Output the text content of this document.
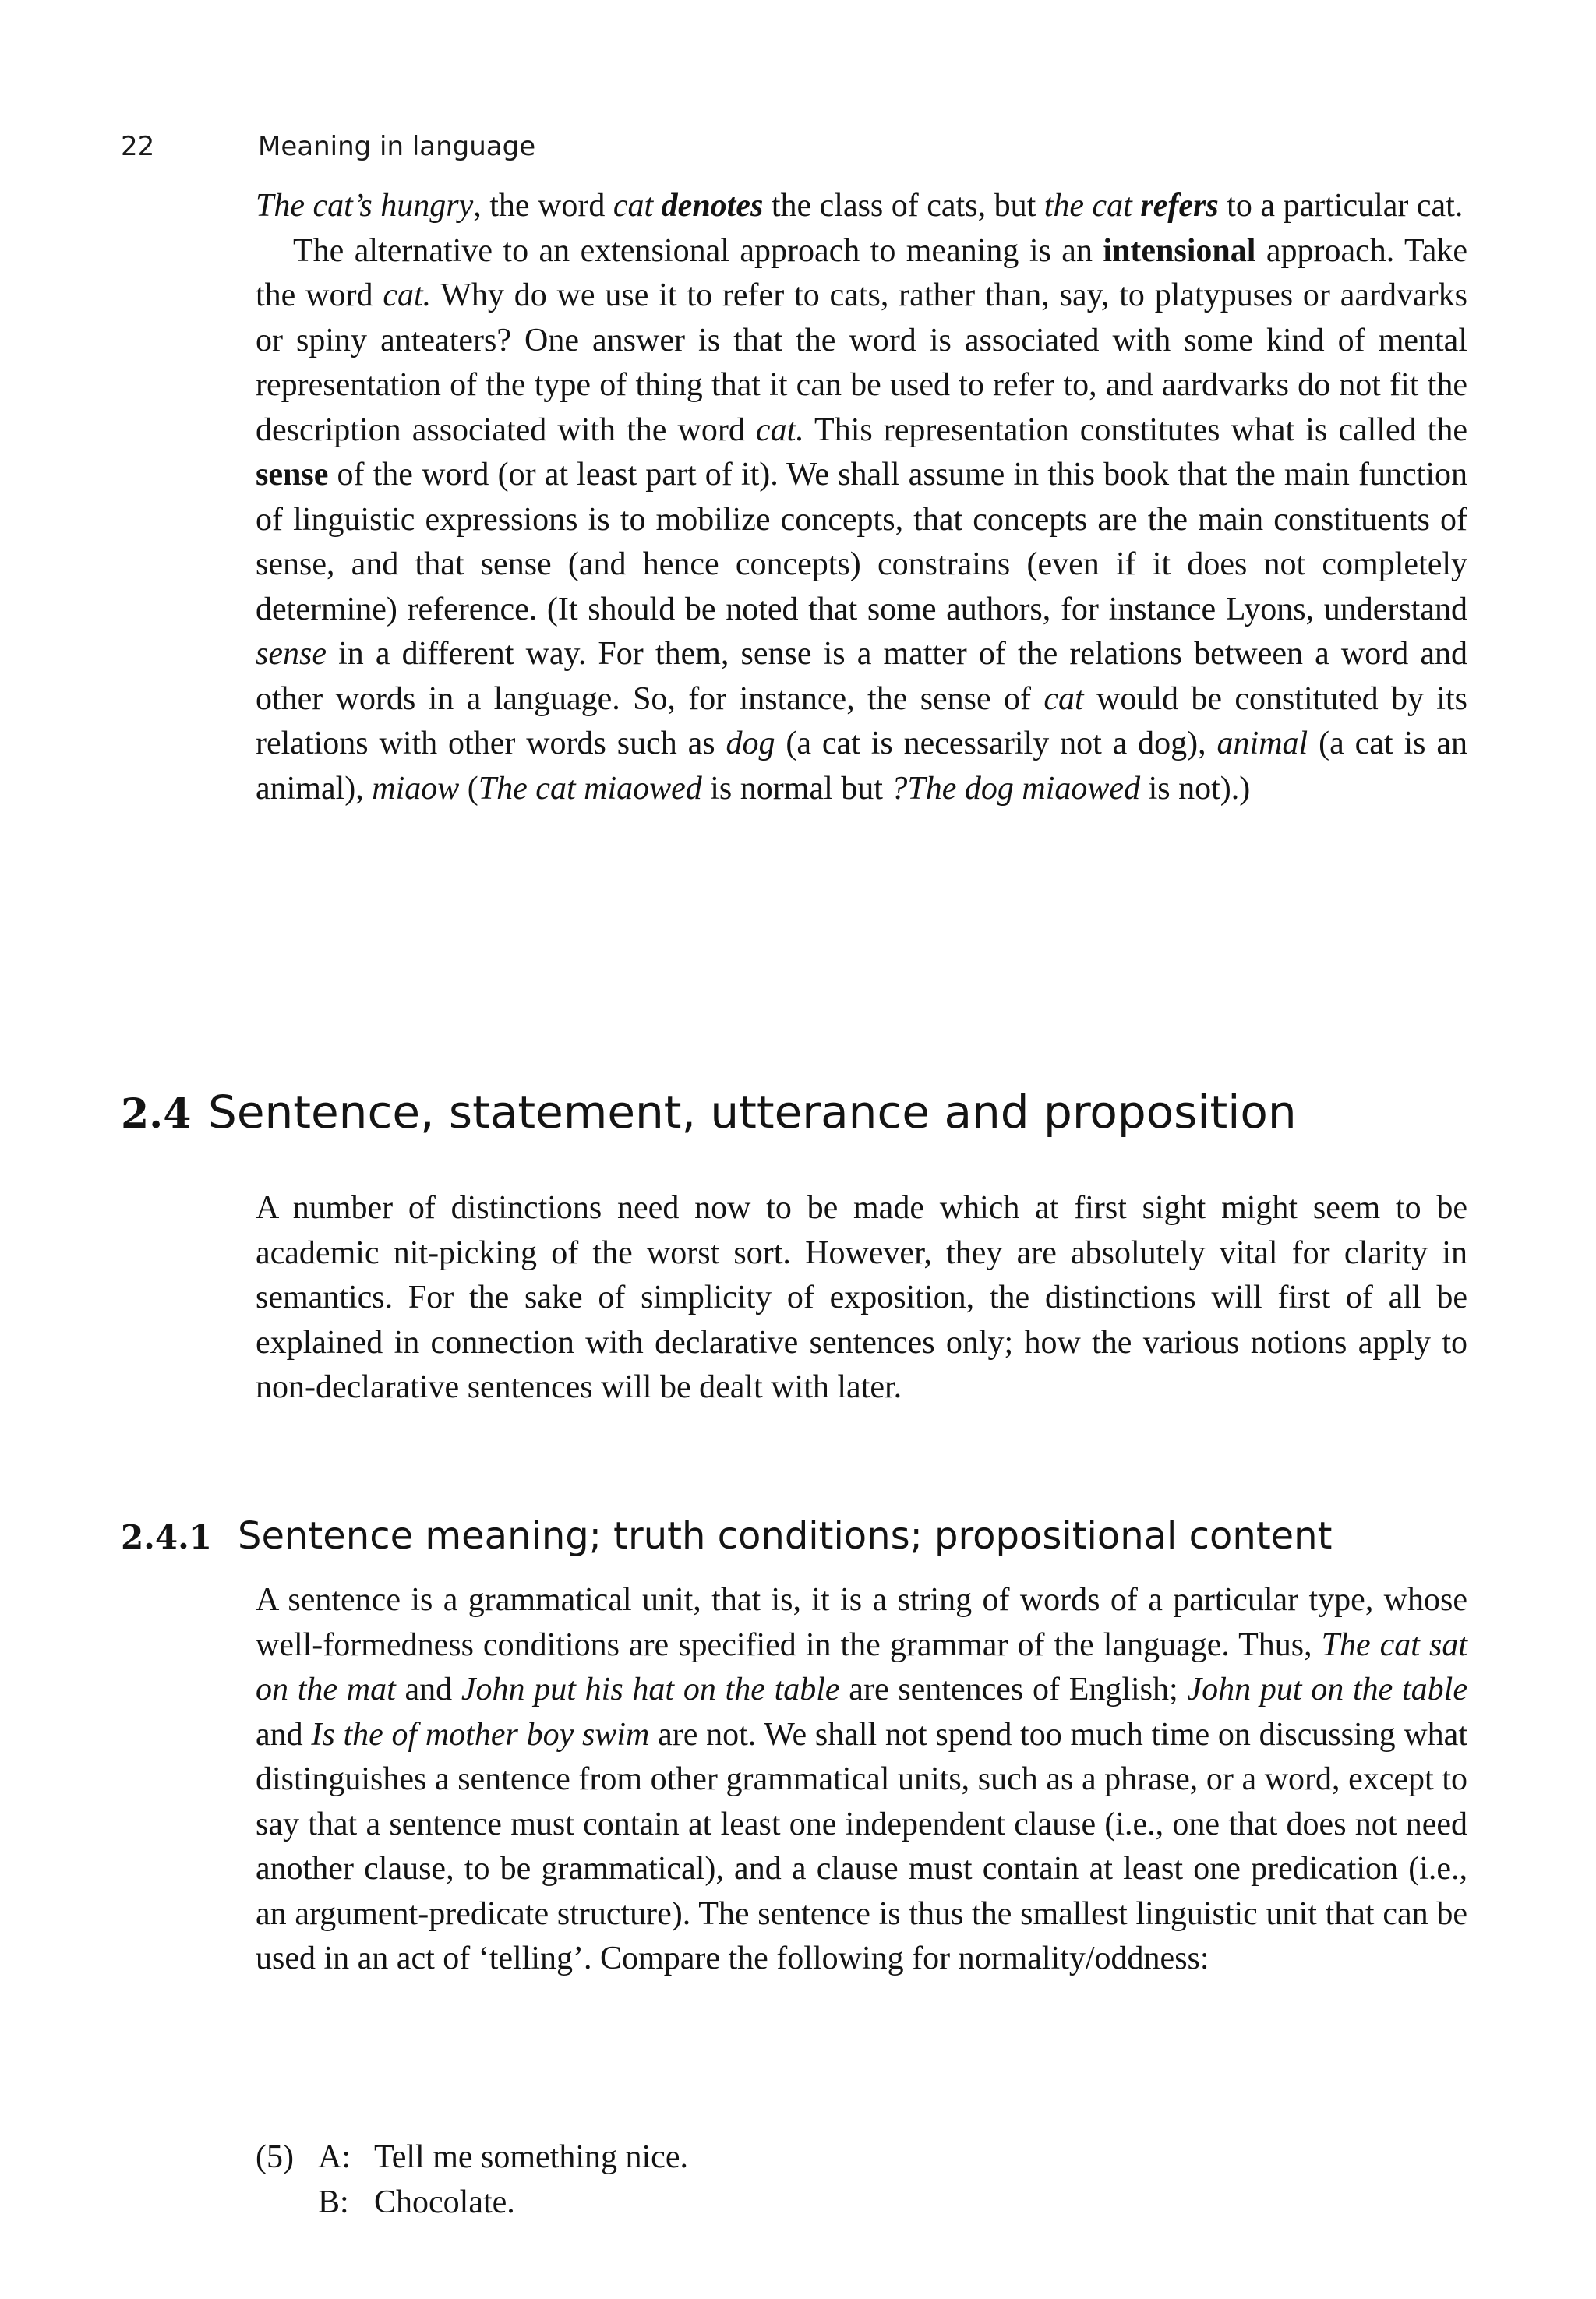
22	Meaning in language

The cat’s hungry, the word cat denotes the class of cats, but the cat refers to a particular cat.

The alternative to an extensional approach to meaning is an intensional approach. Take the word cat. Why do we use it to refer to cats, rather than, say, to platypuses or aardvarks or spiny anteaters? One answer is that the word is associated with some kind of mental representation of the type of thing that it can be used to refer to, and aardvarks do not fit the description associated with the word cat. This representation constitutes what is called the sense of the word (or at least part of it). We shall assume in this book that the main function of linguistic expressions is to mobilize concepts, that concepts are the main constituents of sense, and that sense (and hence concepts) constrains (even if it does not completely determine) reference. (It should be noted that some authors, for instance Lyons, understand sense in a different way. For them, sense is a matter of the relations between a word and other words in a language. So, for instance, the sense of cat would be constituted by its relations with other words such as dog (a cat is necessarily not a dog), animal (a cat is an animal), miaow (The cat miaowed is normal but ?The dog miaowed is not).)

2.4 Sentence, statement, utterance and proposition

A number of distinctions need now to be made which at first sight might seem to be academic nit-picking of the worst sort. However, they are absolutely vital for clarity in semantics. For the sake of simplicity of exposition, the distinctions will first of all be explained in connection with declarative sentences only; how the various notions apply to non-declarative sentences will be dealt with later.

2.4.1 Sentence meaning; truth conditions; propositional content

A sentence is a grammatical unit, that is, it is a string of words of a particular type, whose well-formedness conditions are specified in the grammar of the language. Thus, The cat sat on the mat and John put his hat on the table are sentences of English; John put on the table and Is the of mother boy swim are not. We shall not spend too much time on discussing what distinguishes a sentence from other grammatical units, such as a phrase, or a word, except to say that a sentence must contain at least one independent clause (i.e., one that does not need another clause, to be grammatical), and a clause must contain at least one predication (i.e., an argument-predicate structure). The sentence is thus the smallest linguistic unit that can be used in an act of ‘telling’. Compare the following for normality/oddness:

(5) A: Tell me something nice.
B: Chocolate.
